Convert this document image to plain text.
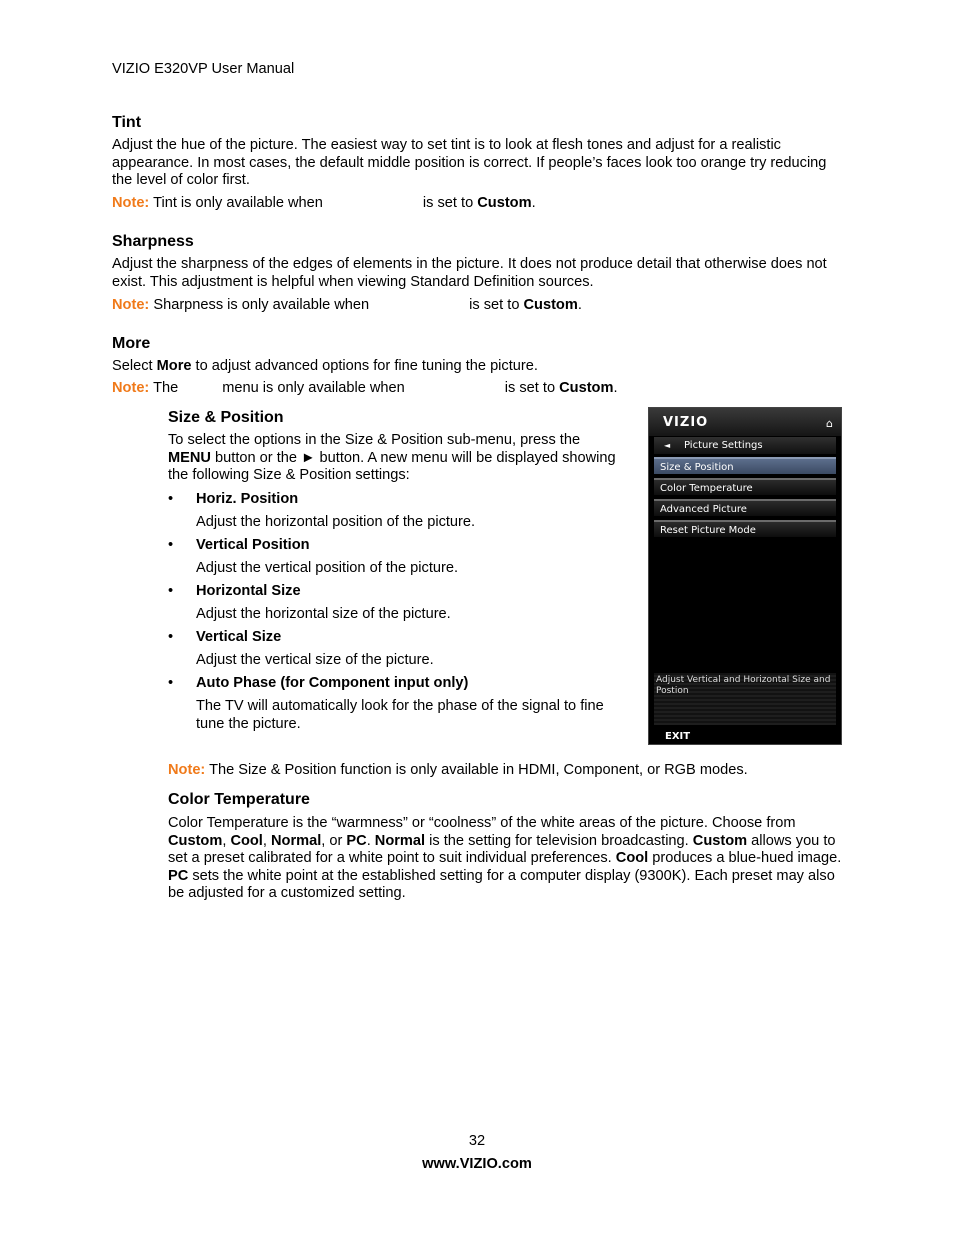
VIZIO E320VP User Manual
Tint
Adjust the hue of the picture. The easiest way to set tint is to look at flesh tones and adjust for a realistic appearance. In most cases, the default middle position is correct. If people’s faces look too orange try reducing the level of color first.
Note: Tint is only available when	is set to Custom.
Sharpness
Adjust the sharpness of the edges of elements in the picture. It does not produce detail that otherwise does not exist. This adjustment is helpful when viewing Standard Definition sources.
Note: Sharpness is only available when	is set to Custom.
More
Select More to adjust advanced options for fine tuning the picture.
Note: The	menu is only available when	is set to Custom.
Size & Position
To select the options in the Size & Position sub-menu, press the MENU button or the ► button. A new menu will be displayed showing the following Size & Position settings:
• Horiz. Position
Adjust the horizontal position of the picture.
• Vertical Position
Adjust the vertical position of the picture.
• Horizontal Size
Adjust the horizontal size of the picture.
• Vertical Size
Adjust the vertical size of the picture.
• Auto Phase (for Component input only)
The TV will automatically look for the phase of the signal to fine tune the picture.
VIZIO	⌂
◄ Picture Settings
Size & Position
Color Temperature
Advanced Picture
Reset Picture Mode
Adjust Vertical and Horizontal Size and Postion
EXIT
Note: The Size & Position function is only available in HDMI, Component, or RGB modes.
Color Temperature
Color Temperature is the “warmness” or “coolness” of the white areas of the picture. Choose from Custom, Cool, Normal, or PC. Normal is the setting for television broadcasting. Custom allows you to set a preset calibrated for a white point to suit individual preferences. Cool produces a blue-hued image. PC sets the white point at the established setting for a computer display (9300K). Each preset may also be adjusted for a customized setting.
32
www.VIZIO.com
